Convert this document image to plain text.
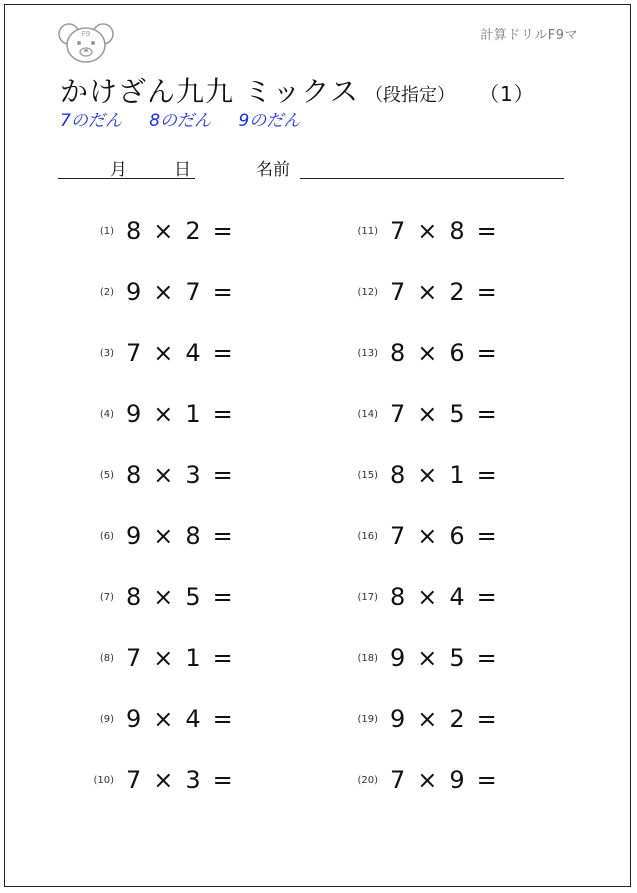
F9	計算ドリルF9マ
かけざん九九 ミックス （段指定） （1）
7のだん 8のだん 9のだん
月	日	名前
(1) 8 × 2 =
(2) 9 × 7 =
(3) 7 × 4 =
(4) 9 × 1 =
(5) 8 × 3 =
(6) 9 × 8 =
(7) 8 × 5 =
(8) 7 × 1 =
(9) 9 × 4 =
(10) 7 × 3 =
(11) 7 × 8 =
(12) 7 × 2 =
(13) 8 × 6 =
(14) 7 × 5 =
(15) 8 × 1 =
(16) 7 × 6 =
(17) 8 × 4 =
(18) 9 × 5 =
(19) 9 × 2 =
(20) 7 × 9 =
